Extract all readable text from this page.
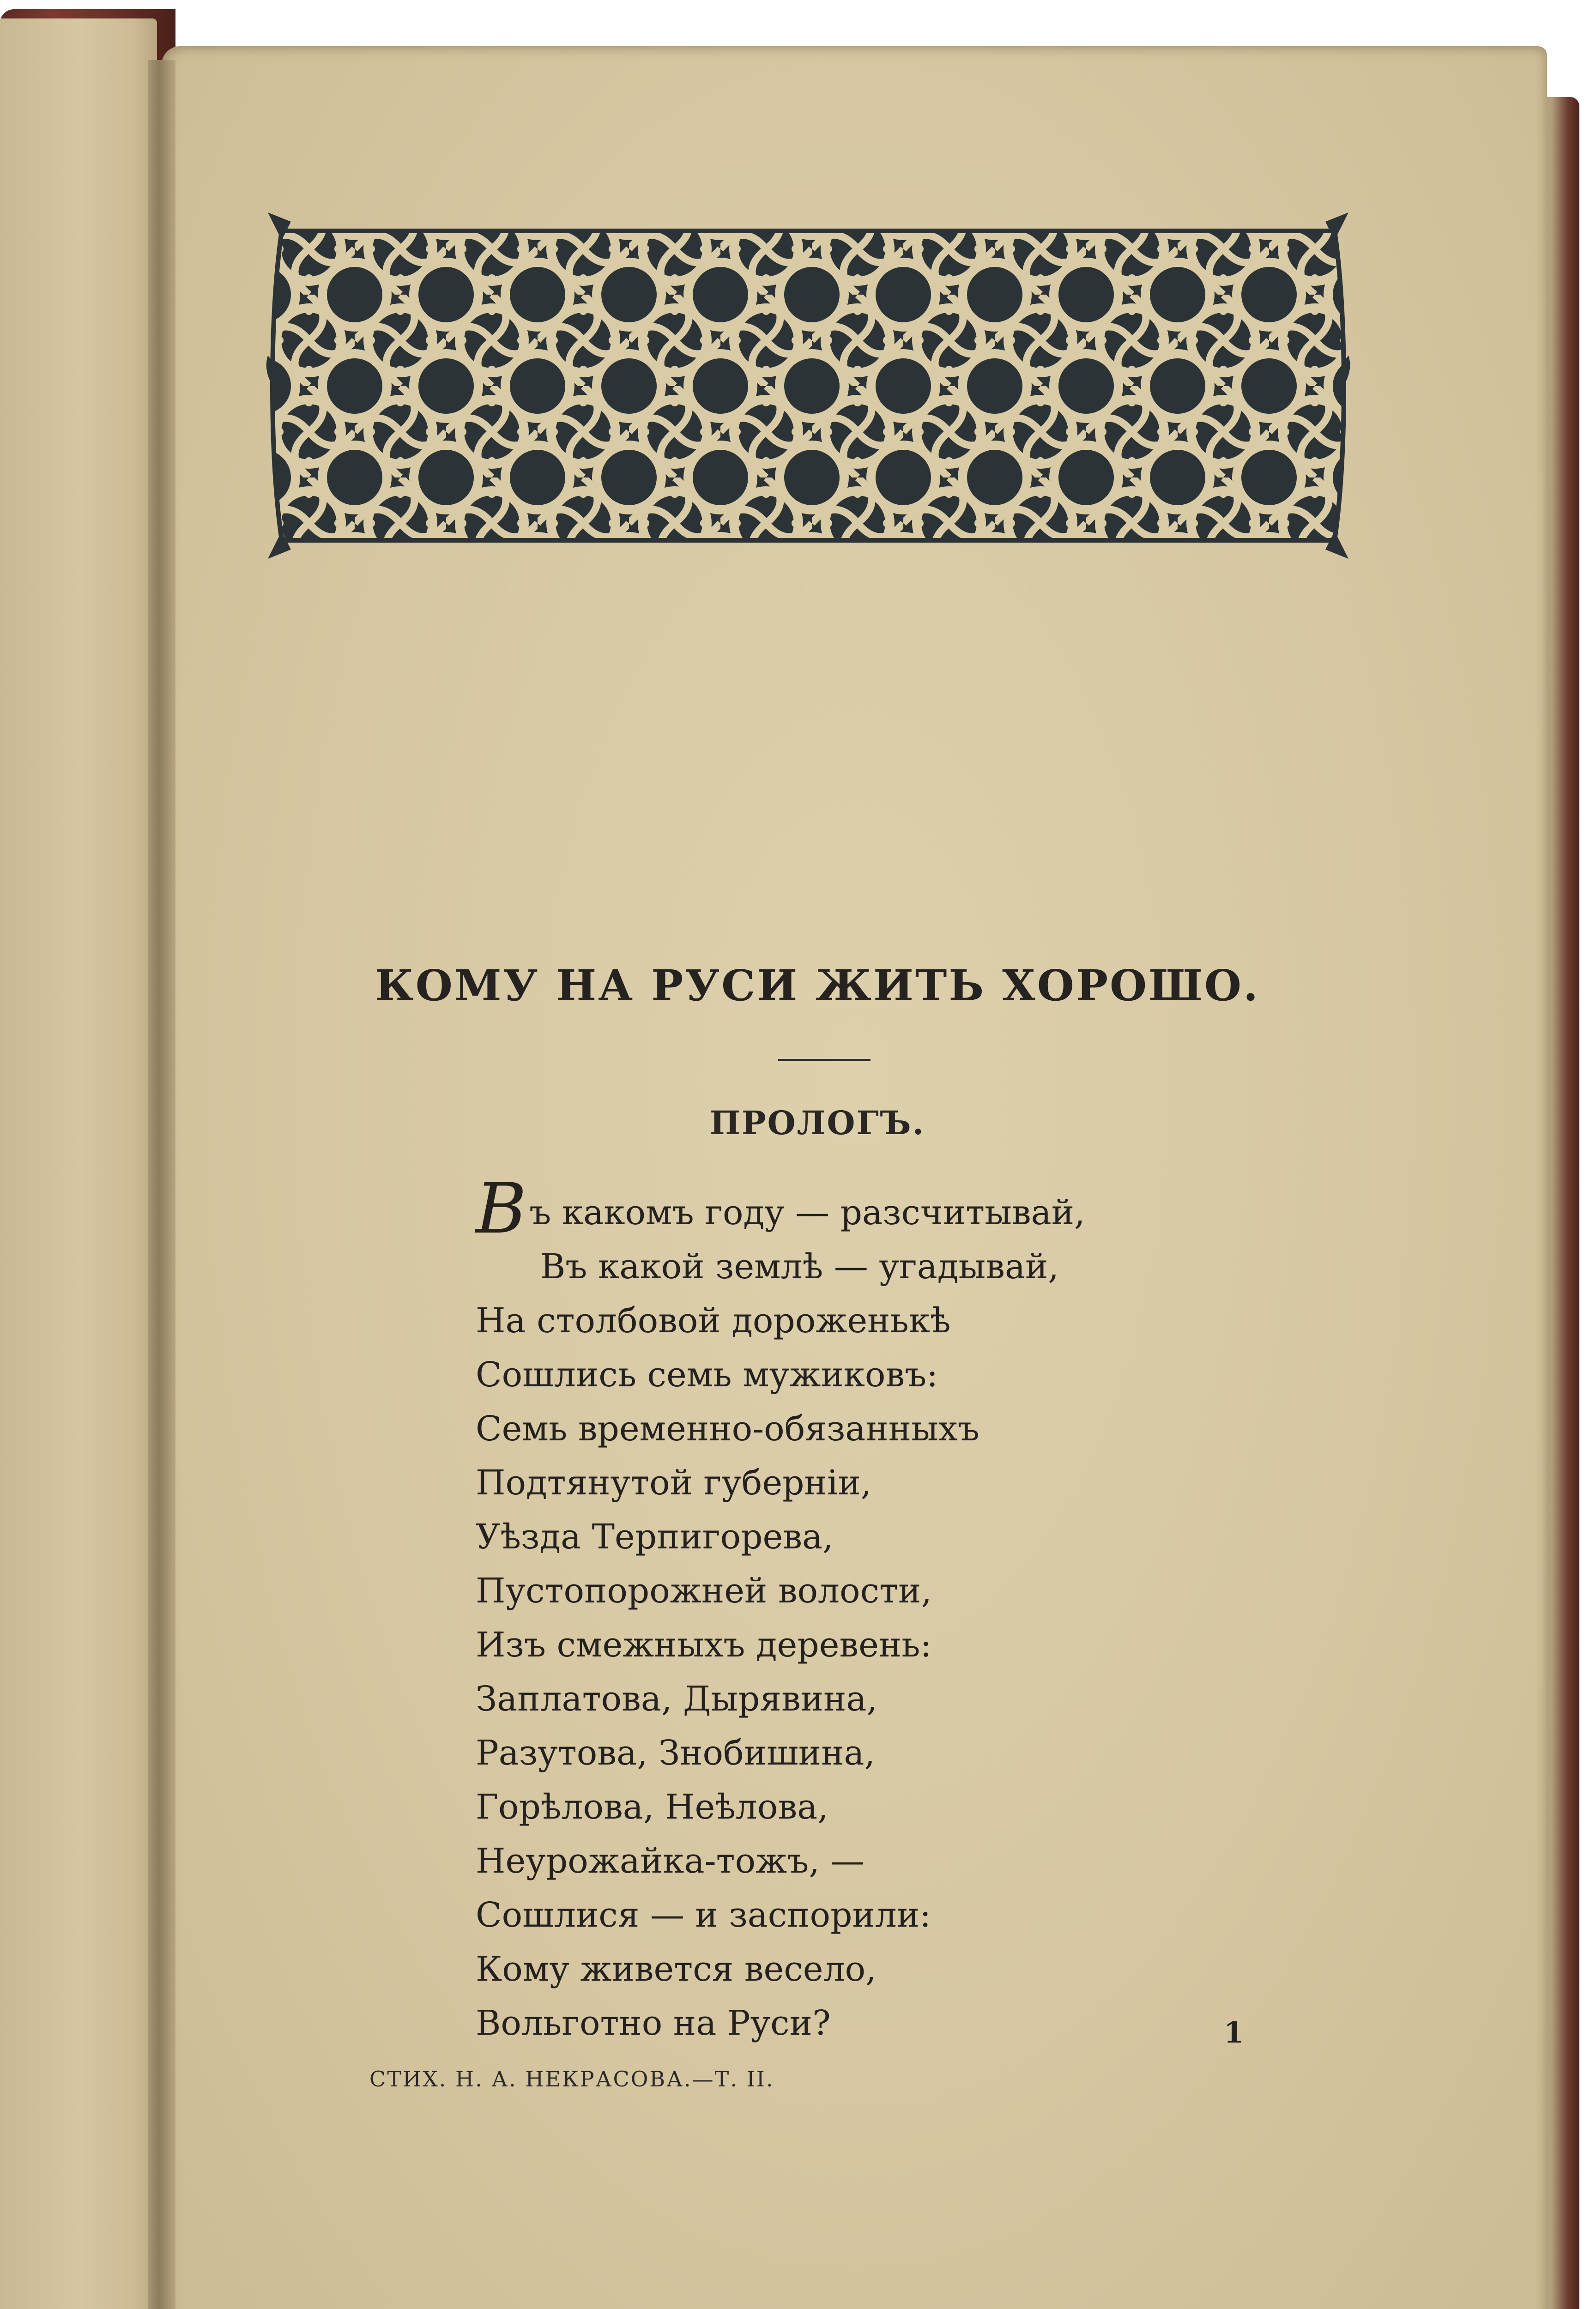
КОМУ НА РУСИ ЖИТЬ ХОРОШО.
ПРОЛОГЪ.
Въ какомъ году — разсчитывай,
Въ какой землѣ — угадывай,
На столбовой дороженькѣ
Сошлись семь мужиковъ:
Семь временно-обязанныхъ
Подтянутой губерніи,
Уѣзда Терпигорева,
Пустопорожней волости,
Изъ смежныхъ деревень:
Заплатова, Дырявина,
Разутова, Знобишина,
Горѣлова, Неѣлова,
Неурожайка-тожъ, —
Сошлися — и заспорили:
Кому живется весело,
Вольготно на Руси?	1
СТИХ. Н. А. НЕКРАСОВА.—Т. II.
